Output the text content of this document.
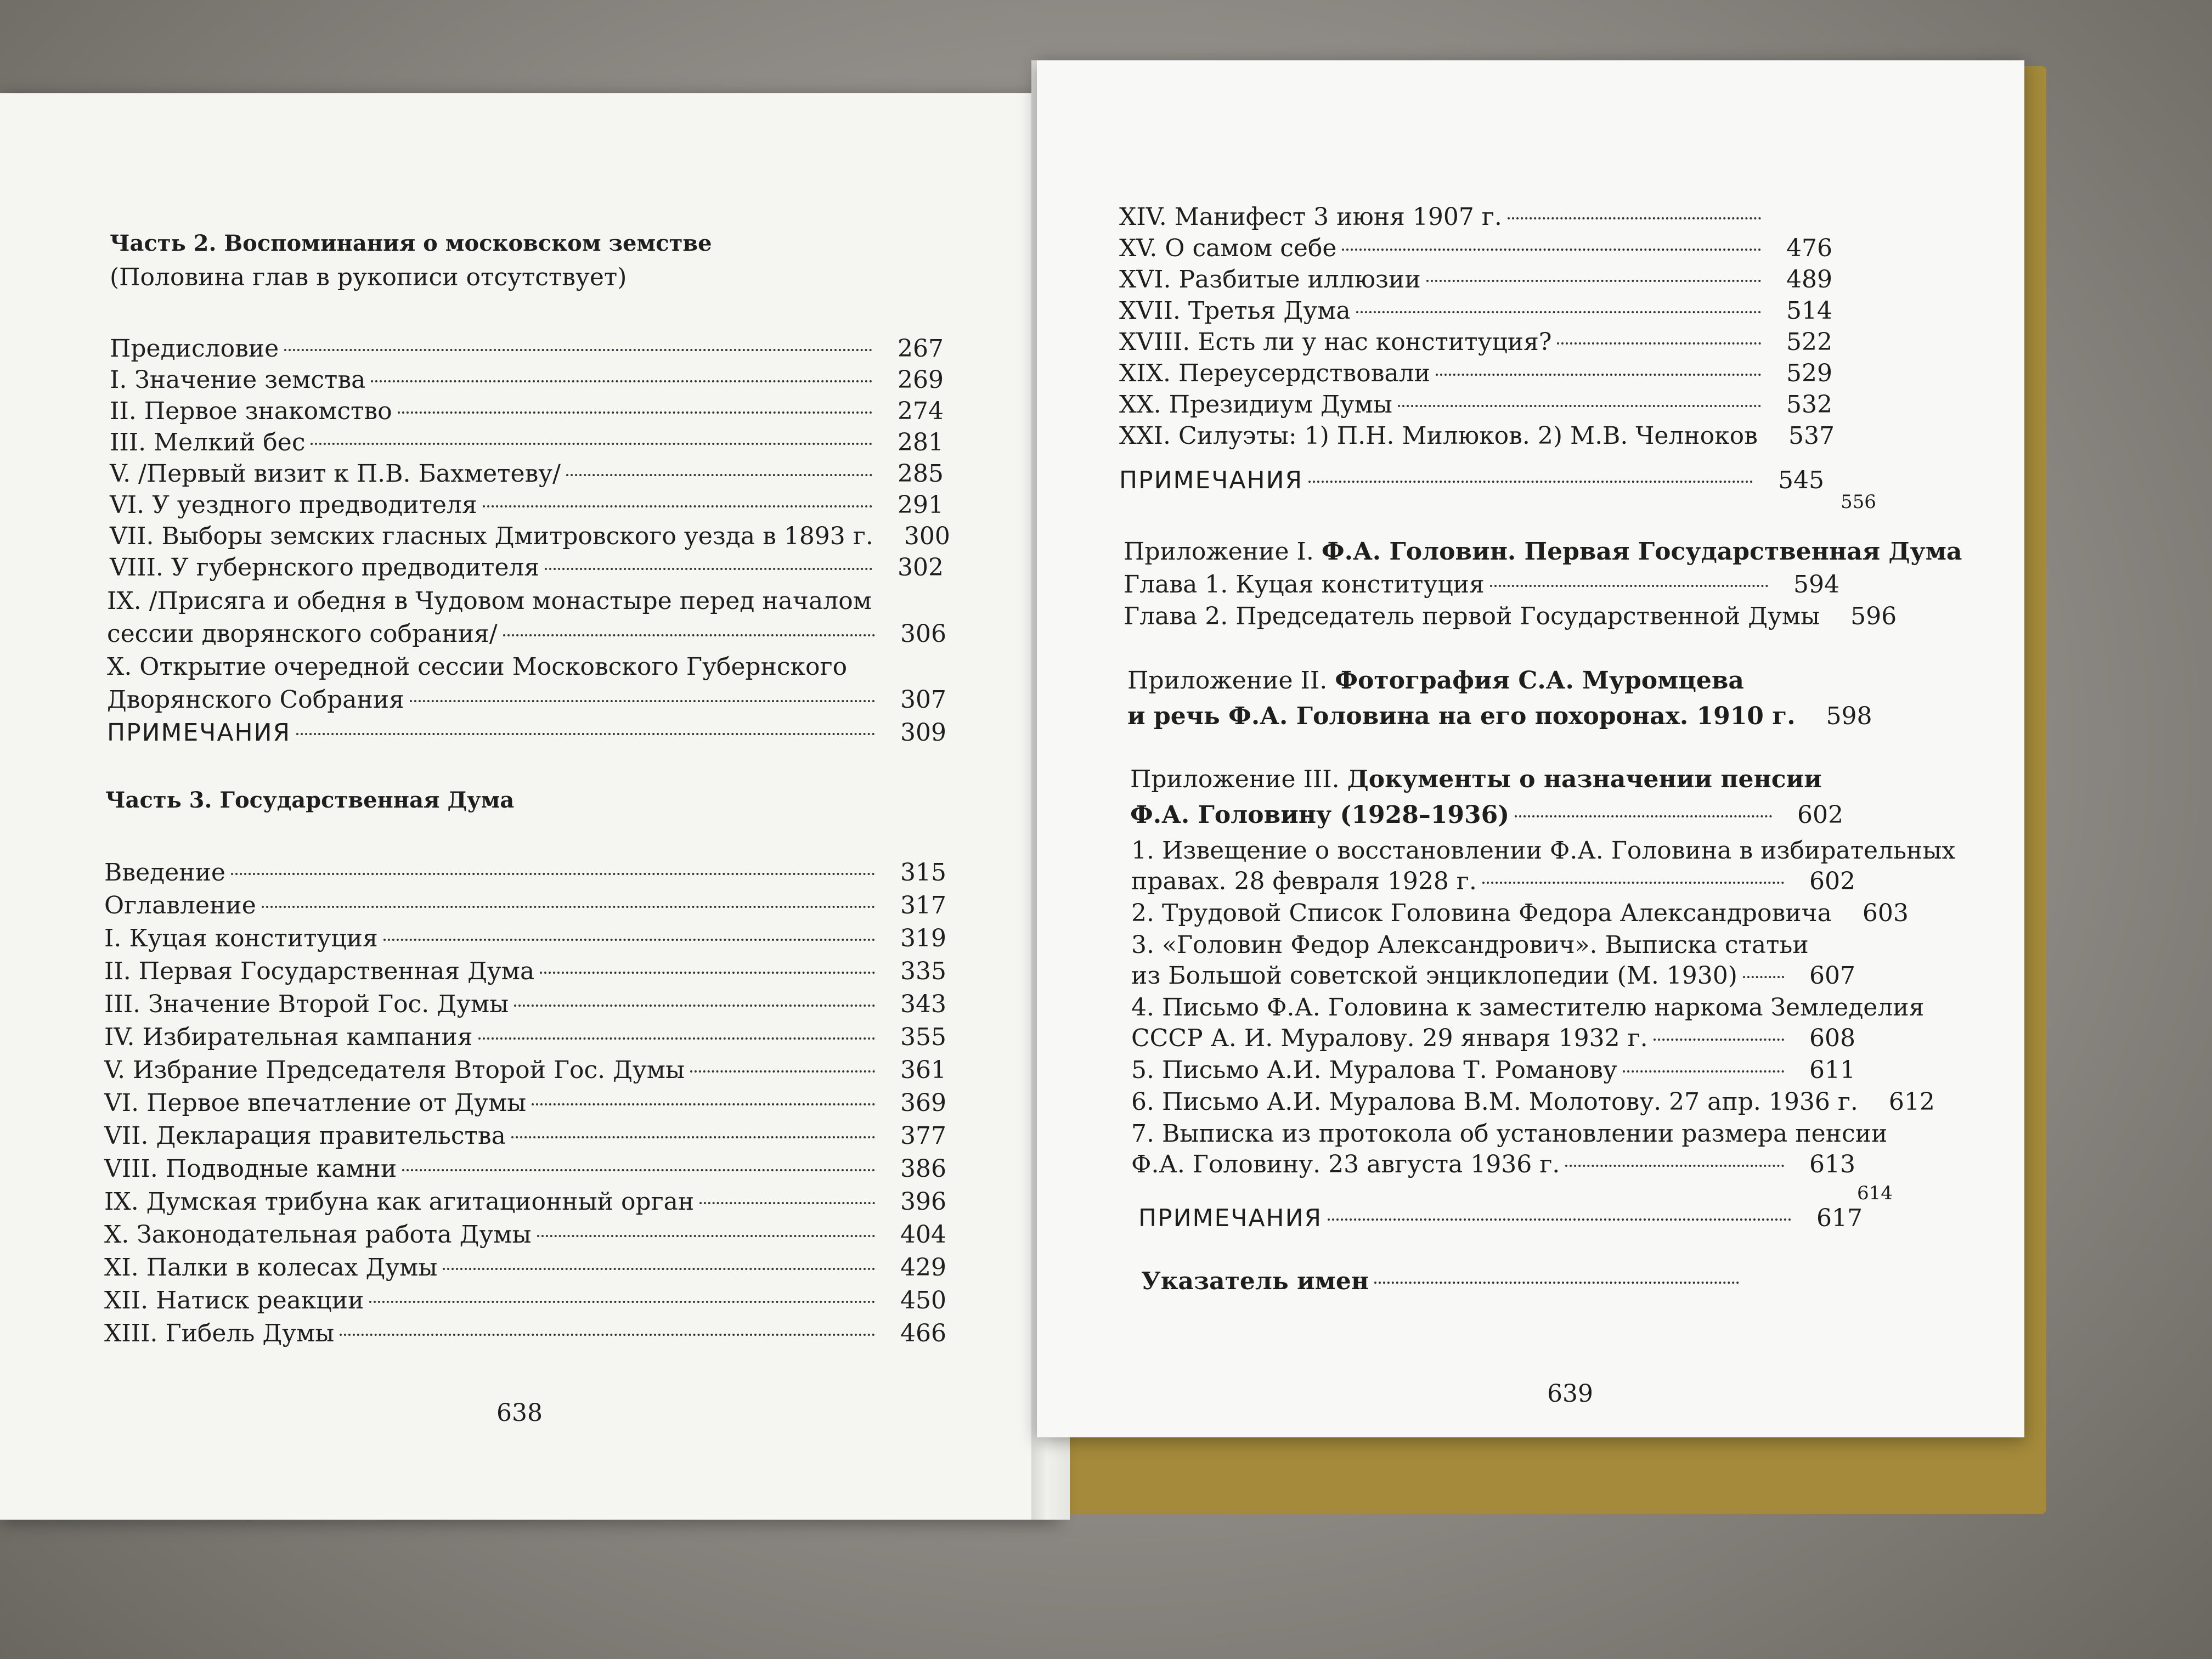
Часть 2. Воспоминания о московском земстве
(Половина глав в рукописи отсутствует)
Предисловие	267
I. Значение земства	269
II. Первое знакомство	274
III. Мелкий бес	281
V. /Первый визит к П.В. Бахметеву/	285
VI. У уездного предводителя	291
VII. Выборы земских гласных Дмитровского уезда в 1893 г.	300
VIII. У губернского предводителя	302
IX. /Присяга и обедня в Чудовом монастыре перед началом
сессии дворянского собрания/	306
X. Открытие очередной сессии Московского Губернского
Дворянского Собрания	307
ПРИМЕЧАНИЯ	309
Часть 3. Государственная Дума
Введение	315
Оглавление	317
I. Куцая конституция	319
II. Первая Государственная Дума	335
III. Значение Второй Гос. Думы	343
IV. Избирательная кампания	355
V. Избрание Председателя Второй Гос. Думы	361
VI. Первое впечатление от Думы	369
VII. Декларация правительства	377
VIII. Подводные камни	386
IX. Думская трибуна как агитационный орган	396
X. Законодательная работа Думы	404
XI. Палки в колесах Думы	429
XII. Натиск реакции	450
XIII. Гибель Думы	466
638
XIV. Манифест 3 июня 1907 г.
XV. О самом себе	476
XVI. Разбитые иллюзии	489
XVII. Третья Дума	514
XVIII. Есть ли у нас конституция?	522
XIX. Переусердствовали	529
XX. Президиум Думы	532
XXI. Силуэты: 1) П.Н. Милюков. 2) М.В. Челноков	537
ПРИМЕЧАНИЯ	545
556
Приложение I. Ф.А. Головин. Первая Государственная Дума
Глава 1. Куцая конституция	594
Глава 2. Председатель первой Государственной Думы	596
Приложение II. Фотография С.А. Муромцева
и речь Ф.А. Головина на его похоронах. 1910 г.	598
Приложение III. Документы о назначении пенсии
Ф.А. Головину (1928–1936)	602
1. Извещение о восстановлении Ф.А. Головина в избирательных
правах. 28 февраля 1928 г.	602
2. Трудовой Список Головина Федора Александровича	603
3. «Головин Федор Александрович». Выписка статьи
из Большой советской энциклопедии (М. 1930)	607
4. Письмо Ф.А. Головина к заместителю наркома Земледелия
СССР А. И. Муралову. 29 января 1932 г.	608
5. Письмо А.И. Муралова Т. Романову	611
6. Письмо А.И. Муралова В.М. Молотову. 27 апр. 1936 г.	612
7. Выписка из протокола об установлении размера пенсии
Ф.А. Головину. 23 августа 1936 г.	613
614
ПРИМЕЧАНИЯ	617
Указатель имен
639
